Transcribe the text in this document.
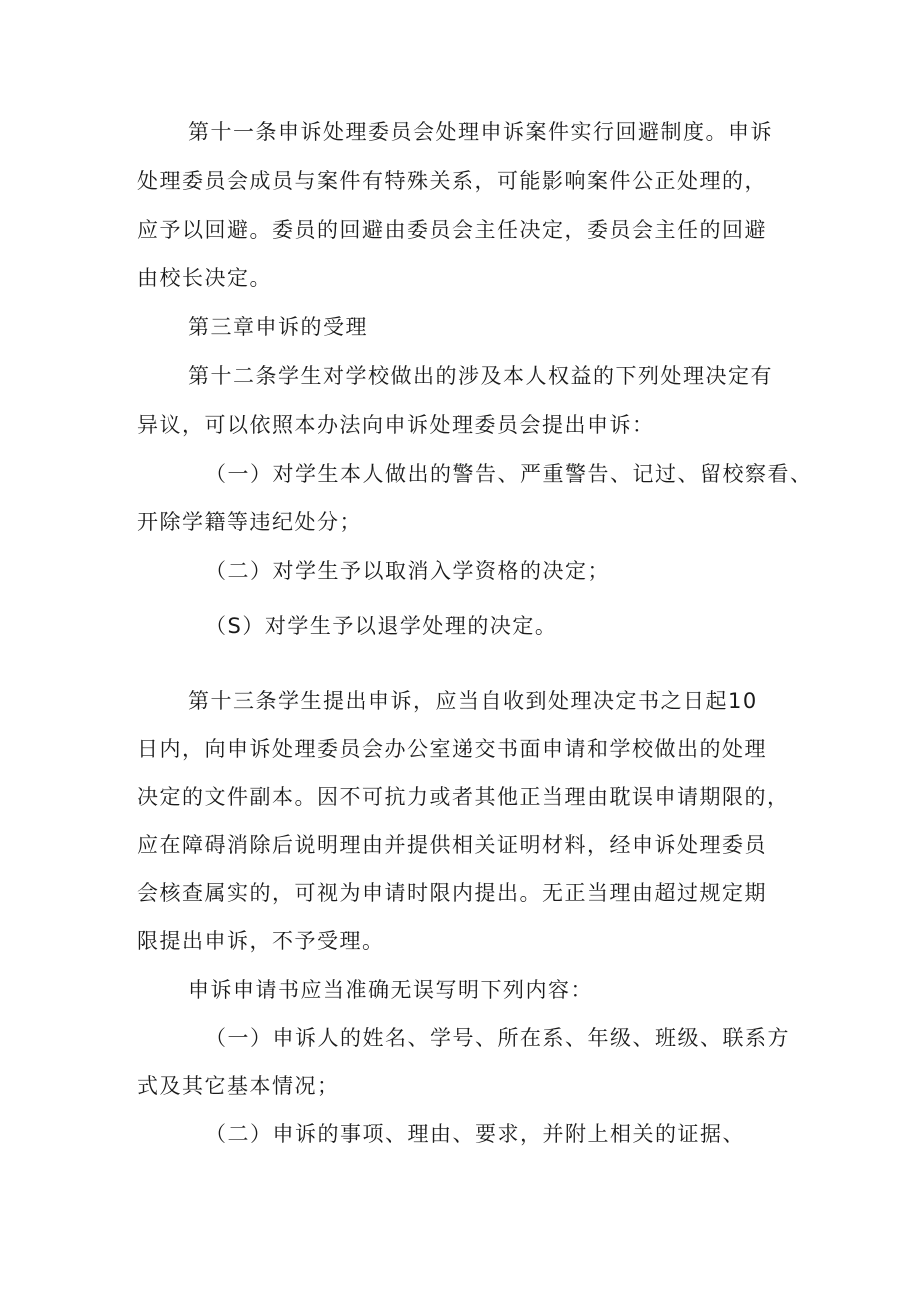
第十一条申诉处理委员会处理申诉案件实行回避制度。申诉
处理委员会成员与案件有特殊关系，可能影响案件公正处理的，
应予以回避。委员的回避由委员会主任决定，委员会主任的回避
由校长决定。
第三章申诉的受理
第十二条学生对学校做出的涉及本人权益的下列处理决定有
异议，可以依照本办法向申诉处理委员会提出申诉：
（一）对学生本人做出的警告、严重警告、记过、留校察看、
开除学籍等违纪处分；
（二）对学生予以取消入学资格的决定；
（S）对学生予以退学处理的决定。
第十三条学生提出申诉，应当自收到处理决定书之日起10
日内，向申诉处理委员会办公室递交书面申请和学校做出的处理
决定的文件副本。因不可抗力或者其他正当理由耽误申请期限的，
应在障碍消除后说明理由并提供相关证明材料，经申诉处理委员
会核查属实的，可视为申请时限内提出。无正当理由超过规定期
限提出申诉，不予受理。
申诉申请书应当准确无误写明下列内容：
（一）申诉人的姓名、学号、所在系、年级、班级、联系方
式及其它基本情况；
（二）申诉的事项、理由、要求，并附上相关的证据、
